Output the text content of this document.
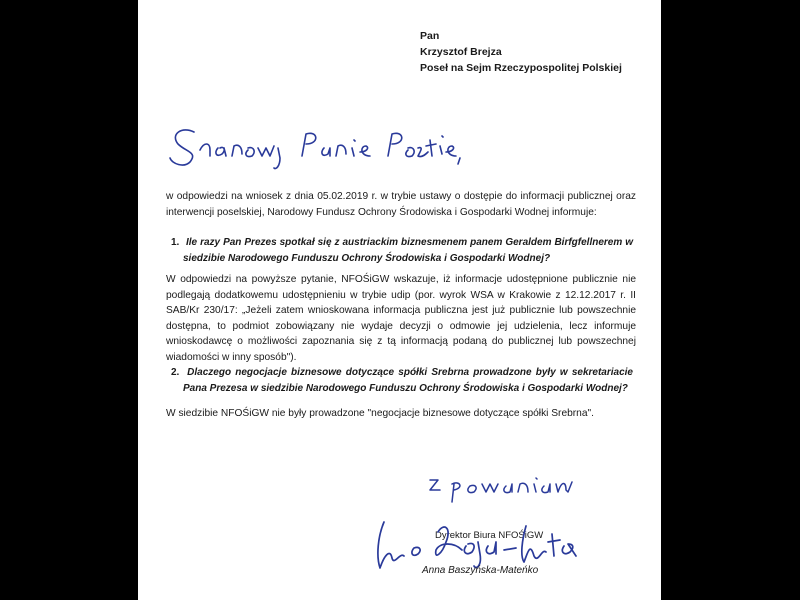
Pan
Krzysztof Brejza
Poseł na Sejm Rzeczypospolitej Polskiej
w odpowiedzi na wniosek z dnia 05.02.2019 r. w trybie ustawy o dostępie do informacji publicznej oraz interwencji poselskiej, Narodowy Fundusz Ochrony Środowiska i Gospodarki Wodnej informuje:
1. Ile razy Pan Prezes spotkał się z austriackim biznesmenem panem Geraldem Birfgfellnerem w siedzibie Narodowego Funduszu Ochrony Środowiska i Gospodarki Wodnej?
W odpowiedzi na powyższe pytanie, NFOŚiGW wskazuje, iż informacje udostępnione publicznie nie podlegają dodatkowemu udostępnieniu w trybie udip (por. wyrok WSA w Krakowie z 12.12.2017 r. II SAB/Kr 230/17: „Jeżeli zatem wnioskowana informacja publiczna jest już publicznie lub powszechnie dostępna, to podmiot zobowiązany nie wydaje decyzji o odmowie jej udzielenia, lecz informuje wnioskodawcę o możliwości zapoznania się z tą informacją podaną do publicznej lub powszechnej wiadomości w inny sposób").
2. Dlaczego negocjacje biznesowe dotyczące spółki Srebrna prowadzone były w sekretariacie Pana Prezesa w siedzibie Narodowego Funduszu Ochrony Środowiska i Gospodarki Wodnej?
W siedzibie NFOŚiGW nie były prowadzone "negocjacje biznesowe dotyczące spółki Srebrna".
Dyrektor Biura NFOŚiGW
Anna Baszyńska-Mateńko
